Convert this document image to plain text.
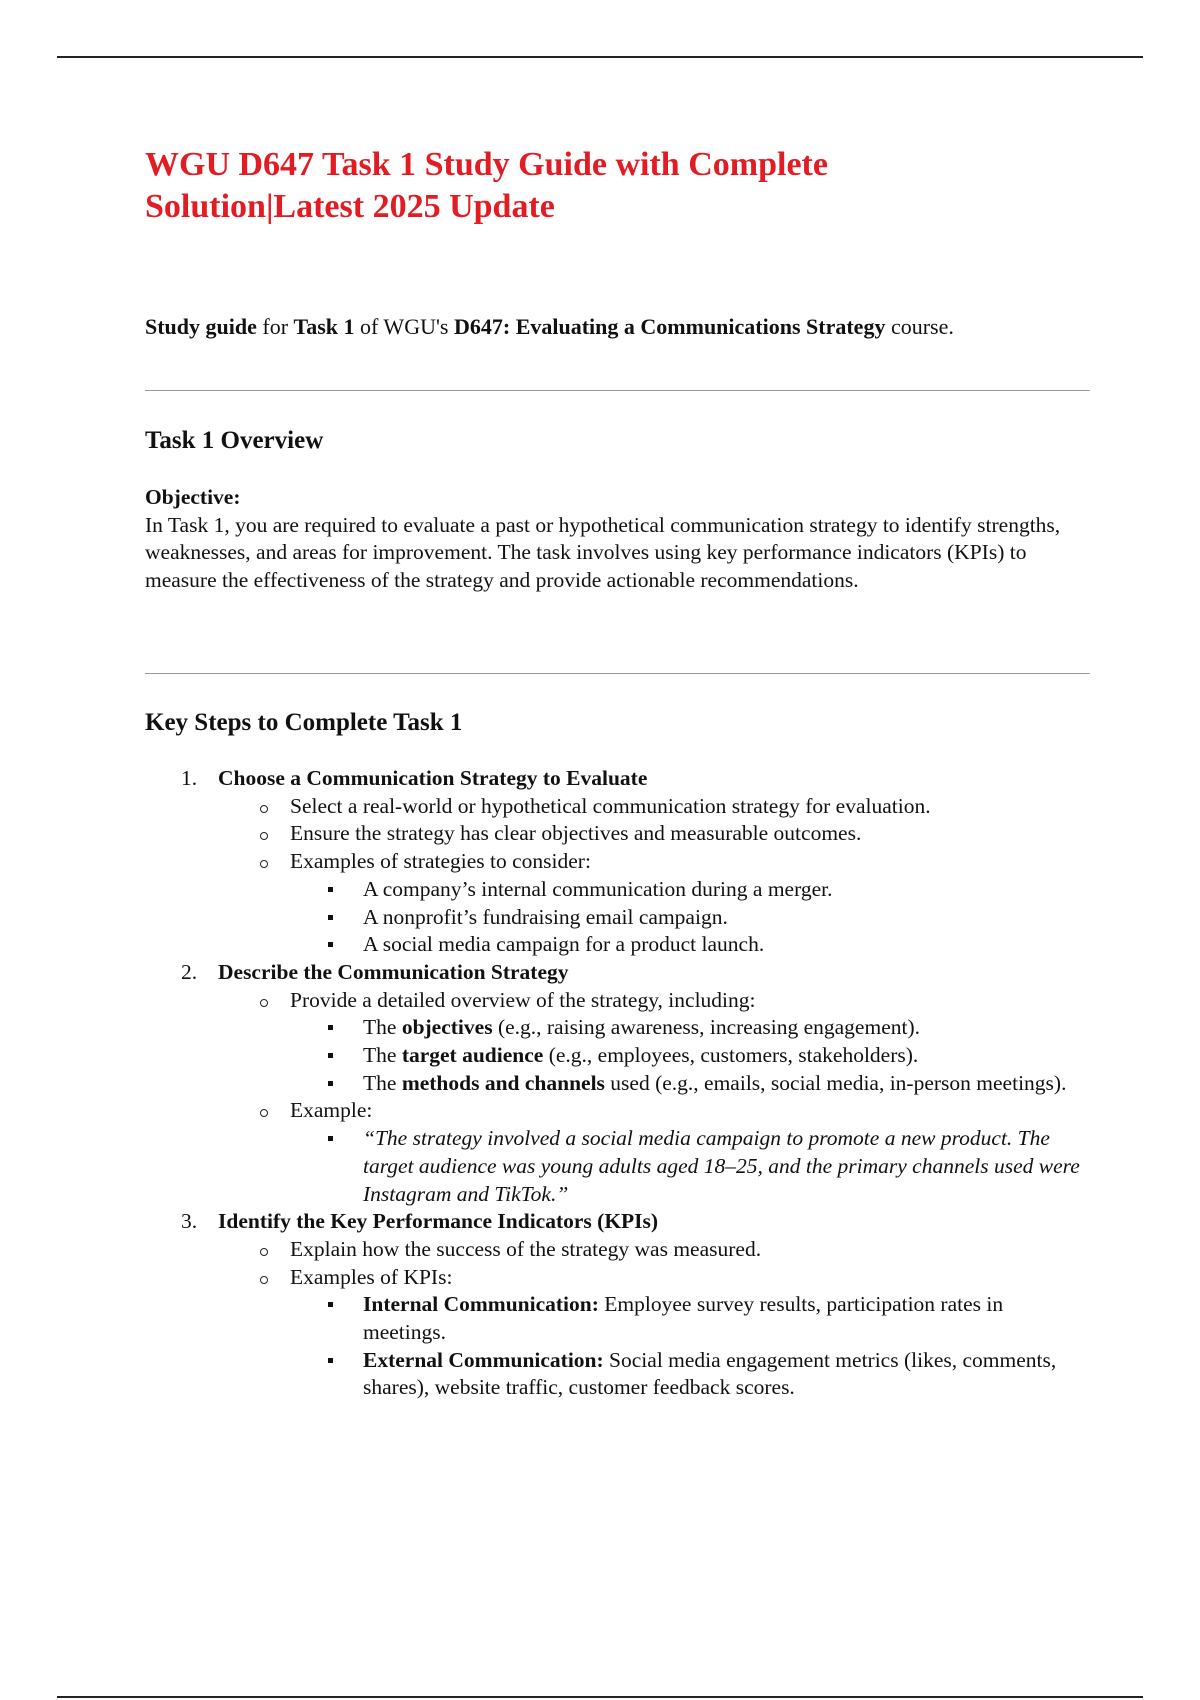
WGU D647 Task 1 Study Guide with Complete
Solution|Latest 2025 Update

Study guide for Task 1 of WGU's D647: Evaluating a Communications Strategy course.

Task 1 Overview

Objective:
In Task 1, you are required to evaluate a past or hypothetical communication strategy to identify strengths, weaknesses, and areas for improvement. The task involves using key performance indicators (KPIs) to measure the effectiveness of the strategy and provide actionable recommendations.

Key Steps to Complete Task 1
1. Choose a Communication Strategy to Evaluate
Select a real-world or hypothetical communication strategy for evaluation.
Ensure the strategy has clear objectives and measurable outcomes.
Examples of strategies to consider:
A company’s internal communication during a merger.
A nonprofit’s fundraising email campaign.
A social media campaign for a product launch.
2. Describe the Communication Strategy
Provide a detailed overview of the strategy, including:
The objectives (e.g., raising awareness, increasing engagement).
The target audience (e.g., employees, customers, stakeholders).
The methods and channels used (e.g., emails, social media, in-person meetings).
Example:
“The strategy involved a social media campaign to promote a new product. The target audience was young adults aged 18–25, and the primary channels used were Instagram and TikTok.”
3. Identify the Key Performance Indicators (KPIs)
Explain how the success of the strategy was measured.
Examples of KPIs:
Internal Communication: Employee survey results, participation rates in meetings.
External Communication: Social media engagement metrics (likes, comments, shares), website traffic, customer feedback scores.
